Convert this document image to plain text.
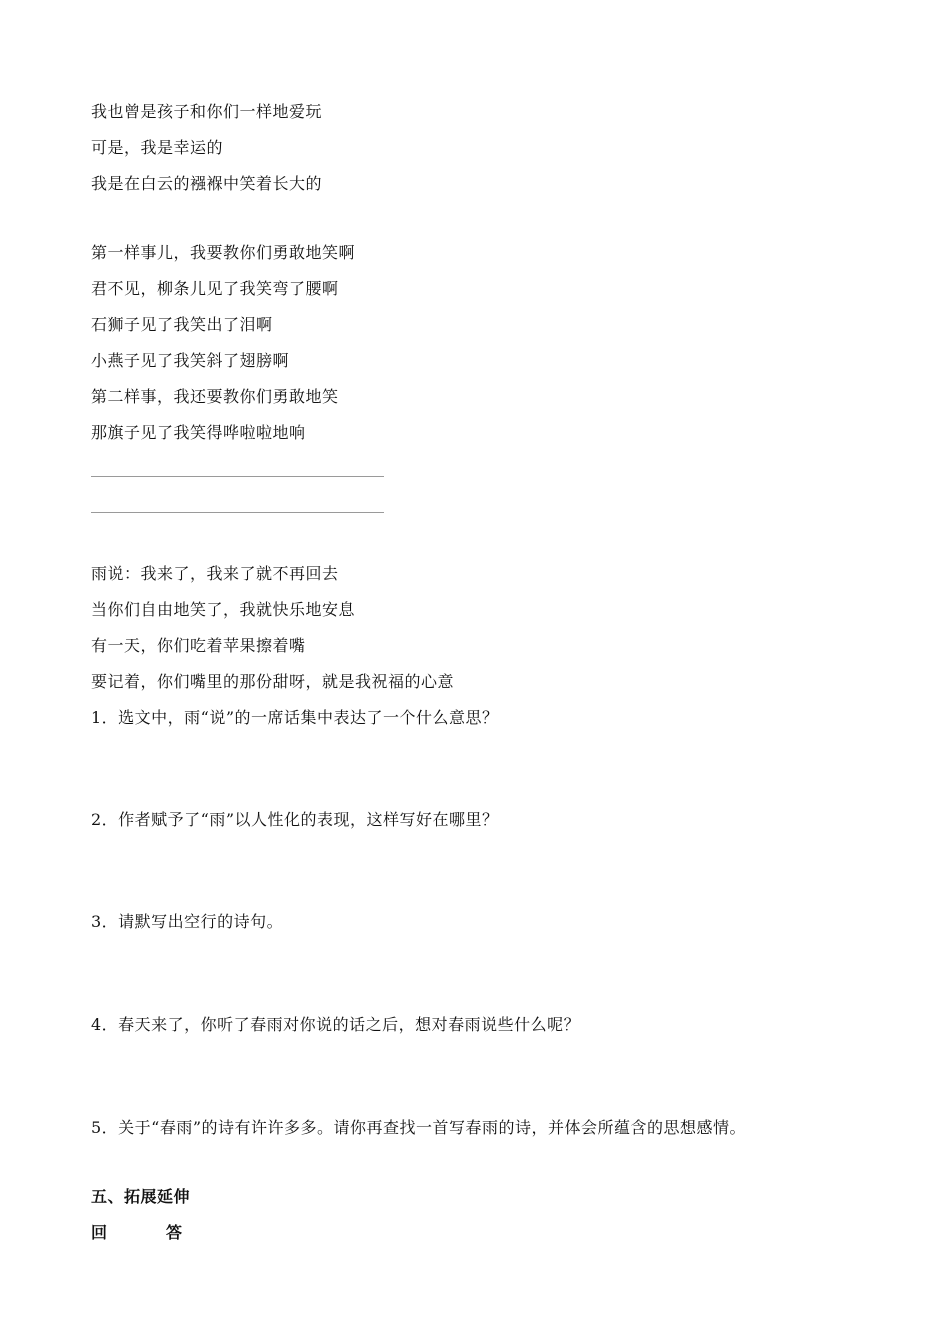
我也曾是孩子和你们一样地爱玩
可是，我是幸运的
我是在白云的襁褓中笑着长大的
第一样事儿，我要教你们勇敢地笑啊
君不见，柳条儿见了我笑弯了腰啊
石狮子见了我笑出了泪啊
小燕子见了我笑斜了翅膀啊
第二样事，我还要教你们勇敢地笑
那旗子见了我笑得哗啦啦地响
雨说：我来了，我来了就不再回去
当你们自由地笑了，我就快乐地安息
有一天，你们吃着苹果擦着嘴
要记着，你们嘴里的那份甜呀，就是我祝福的心意
1．选文中，雨“说”的一席话集中表达了一个什么意思？
2．作者赋予了“雨”以人性化的表现，这样写好在哪里？
3．请默写出空行的诗句。
4．春天来了，你听了春雨对你说的话之后，想对春雨说些什么呢？
5．关于“春雨”的诗有许许多多。请你再查找一首写春雨的诗，并体会所蕴含的思想感情。
五、拓展延伸
回	答
